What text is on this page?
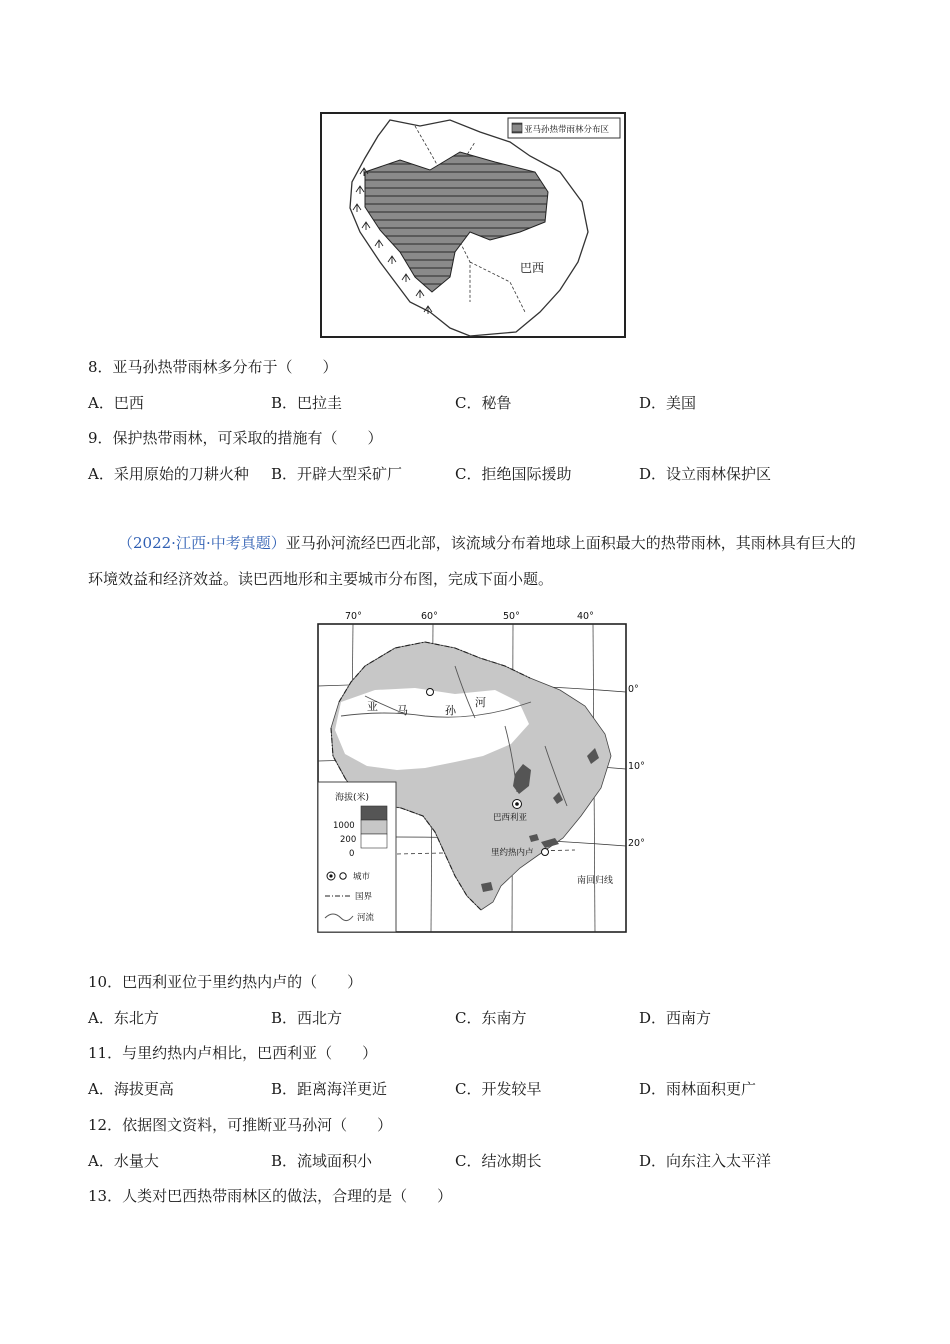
亚马孙热带雨林分布区
巴西
8．亚马孙热带雨林多分布于（　　）
A．巴西	B．巴拉圭	C．秘鲁	D．美国
9．保护热带雨林，可采取的措施有（　　）
A．采用原始的刀耕火种 B．开辟大型采矿厂	C．拒绝国际援助	D．设立雨林保护区
（2022·江西·中考真题）亚马孙河流经巴西北部，该流域分布着地球上面积最大的热带雨林，其雨林具有巨大的环境效益和经济效益。读巴西地形和主要城市分布图，完成下面小题。
70°	60°	50°	40°
0°
10°
20°
亚 马	孙
河
巴西利亚
里约热内卢
南回归线
海拔(米)
1000
200
0
城市
国界
河流
10．巴西利亚位于里约热内卢的（　　）
A．东北方	B．西北方	C．东南方	D．西南方
11．与里约热内卢相比，巴西利亚（　　）
A．海拔更高	B．距离海洋更近	C．开发较早	D．雨林面积更广
12．依据图文资料，可推断亚马孙河（　　）
A．水量大	B．流域面积小	C．结冰期长	D．向东注入太平洋
13．人类对巴西热带雨林区的做法，合理的是（　　）
